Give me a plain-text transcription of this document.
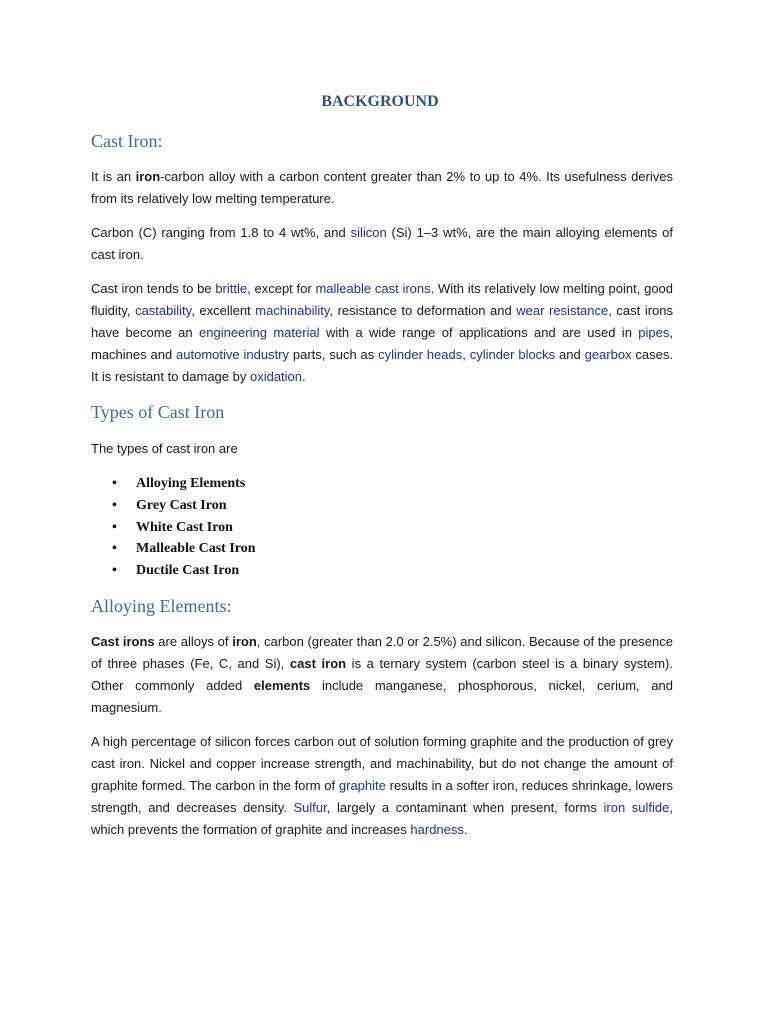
BACKGROUND
Cast Iron:

It is an iron-carbon alloy with a carbon content greater than 2% to up to 4%. Its usefulness derives from its relatively low melting temperature.

Carbon (C) ranging from 1.8 to 4 wt%, and silicon (Si) 1–3 wt%, are the main alloying elements of cast iron.

Cast iron tends to be brittle, except for malleable cast irons. With its relatively low melting point, good fluidity, castability, excellent machinability, resistance to deformation and wear resistance, cast irons have become an engineering material with a wide range of applications and are used in pipes, machines and automotive industry parts, such as cylinder heads, cylinder blocks and gearbox cases. It is resistant to damage by oxidation.

Types of Cast Iron

The types of cast iron are

• Alloying Elements
• Grey Cast Iron
• White Cast Iron
• Malleable Cast Iron
• Ductile Cast Iron
Alloying Elements:

Cast irons are alloys of iron, carbon (greater than 2.0 or 2.5%) and silicon. Because of the presence of three phases (Fe, C, and Si), cast iron is a ternary system (carbon steel is a binary system). Other commonly added elements include manganese, phosphorous, nickel, cerium, and magnesium.

A high percentage of silicon forces carbon out of solution forming graphite and the production of grey cast iron. Nickel and copper increase strength, and machinability, but do not change the amount of graphite formed. The carbon in the form of graphite results in a softer iron, reduces shrinkage, lowers strength, and decreases density. Sulfur, largely a contaminant when present, forms iron sulfide, which prevents the formation of graphite and increases hardness.
